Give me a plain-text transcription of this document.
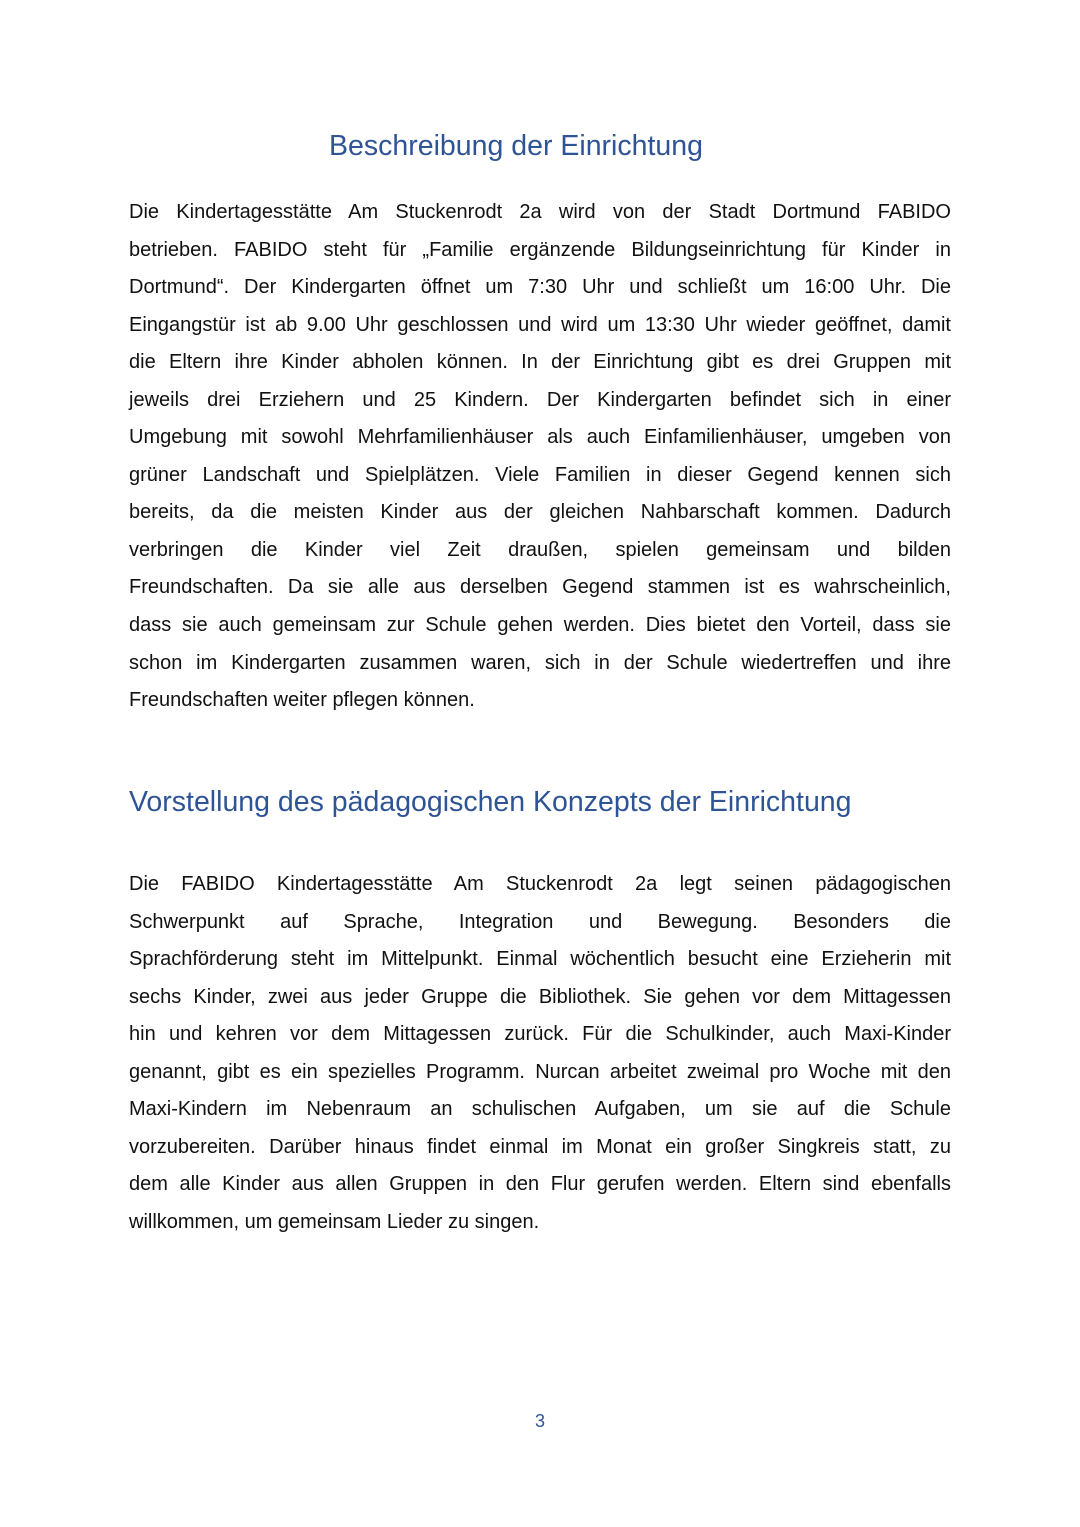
Beschreibung der Einrichtung
Die Kindertagesstätte Am Stuckenrodt 2a wird von der Stadt Dortmund FABIDO
betrieben. FABIDO steht für „Familie ergänzende Bildungseinrichtung für Kinder in
Dortmund“. Der Kindergarten öffnet um 7:30 Uhr und schließt um 16:00 Uhr. Die
Eingangstür ist ab 9.00 Uhr geschlossen und wird um 13:30 Uhr wieder geöffnet, damit
die Eltern ihre Kinder abholen können. In der Einrichtung gibt es drei Gruppen mit
jeweils drei Erziehern und 25 Kindern. Der Kindergarten befindet sich in einer
Umgebung mit sowohl Mehrfamilienhäuser als auch Einfamilienhäuser, umgeben von
grüner Landschaft und Spielplätzen. Viele Familien in dieser Gegend kennen sich
bereits, da die meisten Kinder aus der gleichen Nahbarschaft kommen. Dadurch
verbringen die Kinder viel Zeit draußen, spielen gemeinsam und bilden
Freundschaften. Da sie alle aus derselben Gegend stammen ist es wahrscheinlich,
dass sie auch gemeinsam zur Schule gehen werden. Dies bietet den Vorteil, dass sie
schon im Kindergarten zusammen waren, sich in der Schule wiedertreffen und ihre
Freundschaften weiter pflegen können.
Vorstellung des pädagogischen Konzepts der Einrichtung
Die FABIDO Kindertagesstätte Am Stuckenrodt 2a legt seinen pädagogischen
Schwerpunkt auf Sprache, Integration und Bewegung. Besonders die
Sprachförderung steht im Mittelpunkt. Einmal wöchentlich besucht eine Erzieherin mit
sechs Kinder, zwei aus jeder Gruppe die Bibliothek. Sie gehen vor dem Mittagessen
hin und kehren vor dem Mittagessen zurück. Für die Schulkinder, auch Maxi-Kinder
genannt, gibt es ein spezielles Programm. Nurcan arbeitet zweimal pro Woche mit den
Maxi-Kindern im Nebenraum an schulischen Aufgaben, um sie auf die Schule
vorzubereiten. Darüber hinaus findet einmal im Monat ein großer Singkreis statt, zu
dem alle Kinder aus allen Gruppen in den Flur gerufen werden. Eltern sind ebenfalls
willkommen, um gemeinsam Lieder zu singen.
3
